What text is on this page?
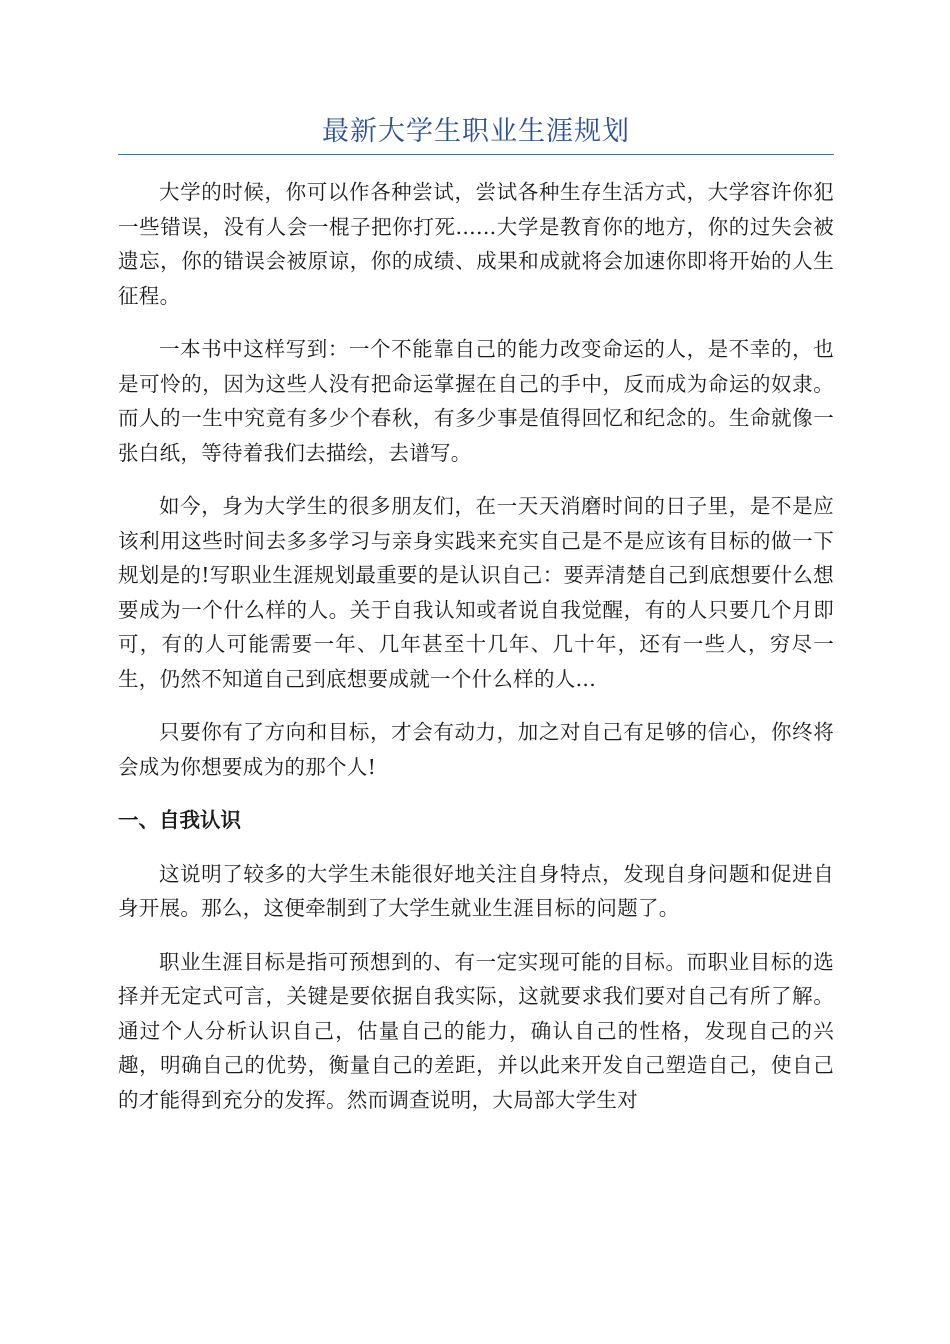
最新大学生职业生涯规划

大学的时候，你可以作各种尝试，尝试各种生存生活方式，大学容许你犯一些错误，没有人会一棍子把你打死......大学是教育你的地方，你的过失会被遗忘，你的错误会被原谅，你的成绩、成果和成就将会加速你即将开始的人生征程。

一本书中这样写到：一个不能靠自己的能力改变命运的人，是不幸的，也是可怜的，因为这些人没有把命运掌握在自己的手中，反而成为命运的奴隶。而人的一生中究竟有多少个春秋，有多少事是值得回忆和纪念的。生命就像一张白纸，等待着我们去描绘，去谱写。

如今，身为大学生的很多朋友们，在一天天消磨时间的日子里，是不是应该利用这些时间去多多学习与亲身实践来充实自己是不是应该有目标的做一下规划是的!写职业生涯规划最重要的是认识自己：要弄清楚自己到底想要什么想要成为一个什么样的人。关于自我认知或者说自我觉醒，有的人只要几个月即可，有的人可能需要一年、几年甚至十几年、几十年，还有一些人，穷尽一生，仍然不知道自己到底想要成就一个什么样的人...

只要你有了方向和目标，才会有动力，加之对自己有足够的信心，你终将会成为你想要成为的那个人!

一、自我认识

这说明了较多的大学生未能很好地关注自身特点，发现自身问题和促进自身开展。那么，这便牵制到了大学生就业生涯目标的问题了。

职业生涯目标是指可预想到的、有一定实现可能的目标。而职业目标的选择并无定式可言，关键是要依据自我实际，这就要求我们要对自己有所了解。通过个人分析认识自己，估量自己的能力，确认自己的性格，发现自己的兴趣，明确自己的优势，衡量自己的差距，并以此来开发自己塑造自己，使自己的才能得到充分的发挥。然而调查说明，大局部大学生对
